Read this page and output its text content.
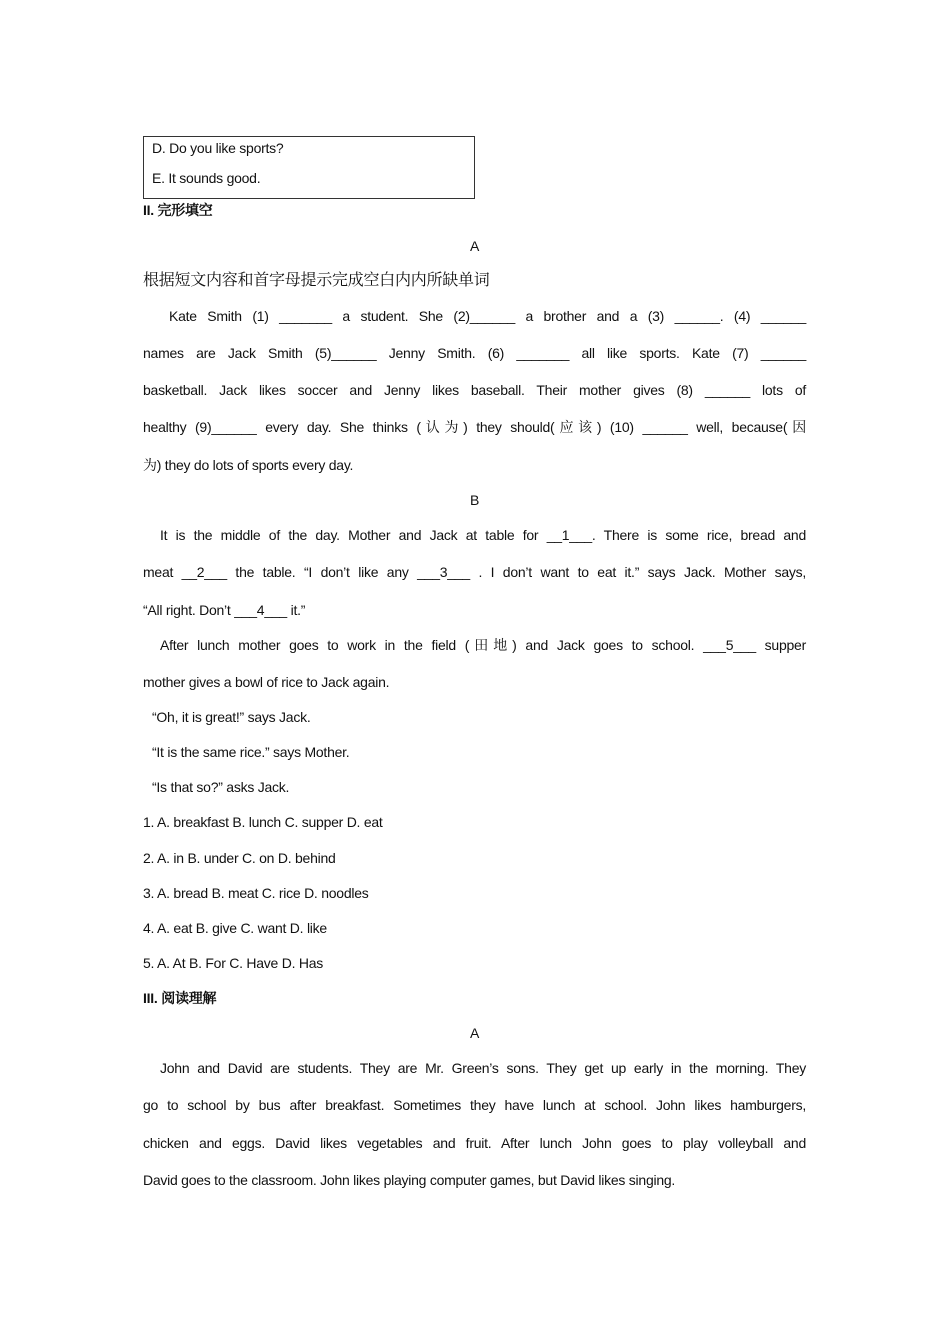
D. Do you like sports?
E. It sounds good.
II. 完形填空
A
根据短文内容和首字母提示完成空白内内所缺单词
Kate Smith (1) _______ a student. She (2)______ a brother and a (3) ______. (4) ______
names are Jack Smith (5)______ Jenny Smith. (6) _______ all like sports. Kate (7) ______
basketball. Jack likes soccer and Jenny likes baseball. Their mother gives (8) ______ lots of
healthy (9)______ every day. She thinks (认为) they should(应该) (10) ______ well, because(因
为) they do lots of sports every day.
B
It is the middle of the day. Mother and Jack at table for __1___. There is some rice, bread and
meat __2___ the table. “I don’t like any ___3___ . I don’t want to eat it.” says Jack. Mother says,
“All right. Don’t ___4___ it.”
After lunch mother goes to work in the field (田地) and Jack goes to school. ___5___ supper
mother gives a bowl of rice to Jack again.
“Oh, it is great!” says Jack.
“It is the same rice.” says Mother.
“Is that so?” asks Jack.
1. A. breakfast B. lunch C. supper D. eat
2. A. in B. under C. on D. behind
3. A. bread B. meat C. rice D. noodles
4. A. eat B. give C. want D. like
5. A. At B. For C. Have D. Has
III. 阅读理解
A
John and David are students. They are Mr. Green’s sons. They get up early in the morning. They
go to school by bus after breakfast. Sometimes they have lunch at school. John likes hamburgers,
chicken and eggs. David likes vegetables and fruit. After lunch John goes to play volleyball and
David goes to the classroom. John likes playing computer games, but David likes singing.
